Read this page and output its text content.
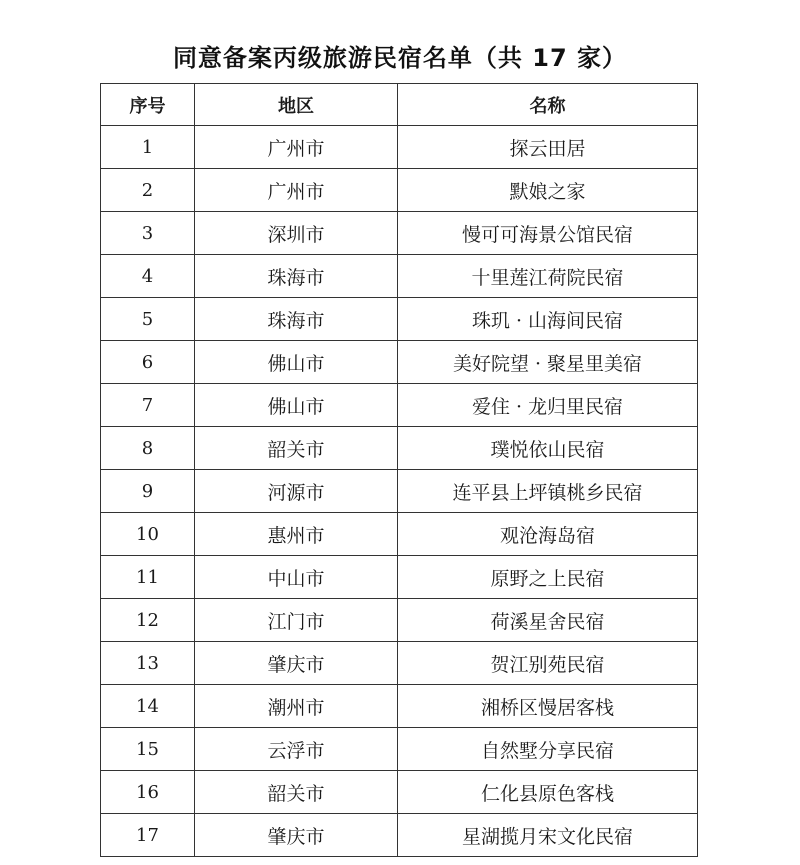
同意备案丙级旅游民宿名单（共 17 家）
序号	地区	名称
1	广州市	探云田居
2	广州市	默娘之家
3	深圳市	慢可可海景公馆民宿
4	珠海市	十里莲江荷院民宿
5	珠海市	珠玑 · 山海间民宿
6	佛山市	美好院望 · 聚星里美宿
7	佛山市	爱住 · 龙归里民宿
8	韶关市	璞悦依山民宿
9	河源市	连平县上坪镇桃乡民宿
10	惠州市	观沧海岛宿
11	中山市	原野之上民宿
12	江门市	荷溪星舍民宿
13	肇庆市	贺江别苑民宿
14	潮州市	湘桥区慢居客栈
15	云浮市	自然墅分享民宿
16	韶关市	仁化县原色客栈
17	肇庆市	星湖揽月宋文化民宿
